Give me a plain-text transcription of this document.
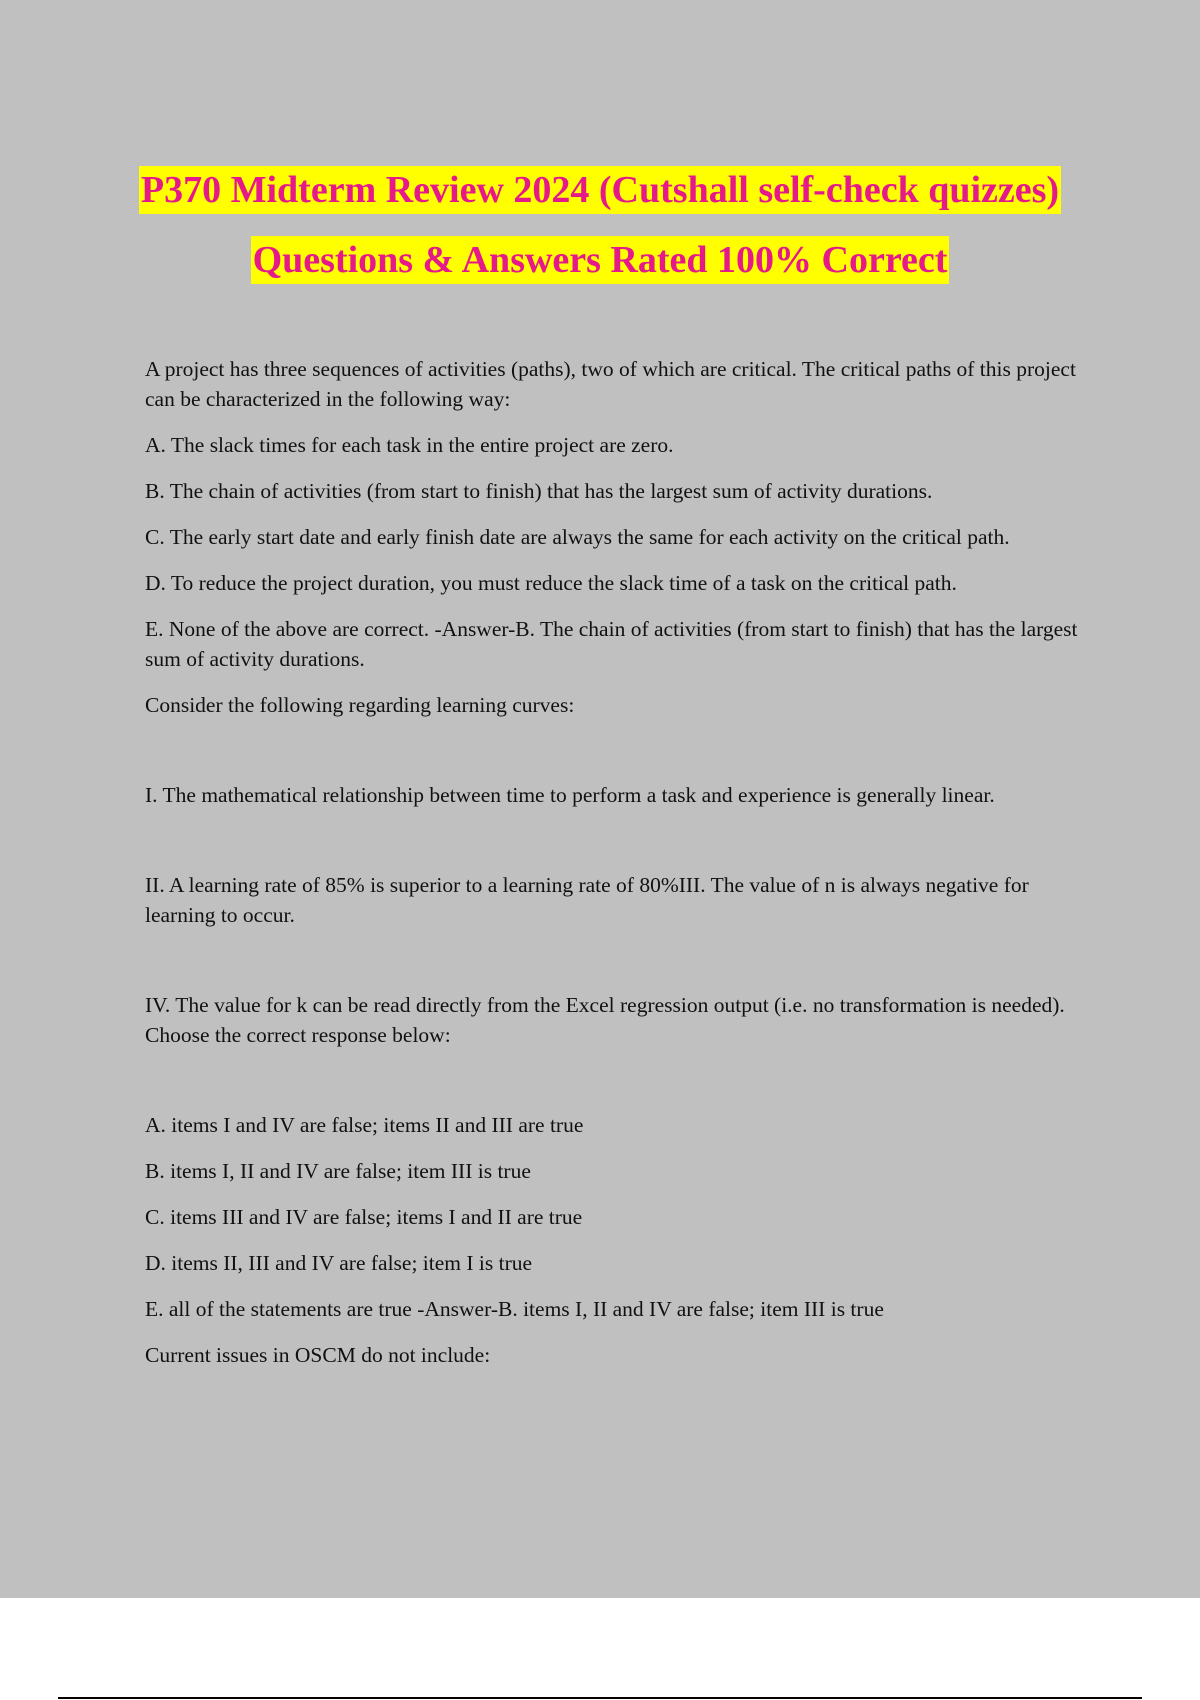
P370 Midterm Review 2024 (Cutshall self-check quizzes)
Questions & Answers Rated 100% Correct

A project has three sequences of activities (paths), two of which are critical. The critical paths of this project can be characterized in the following way:

A. The slack times for each task in the entire project are zero.

B. The chain of activities (from start to finish) that has the largest sum of activity durations.

C. The early start date and early finish date are always the same for each activity on the critical path.

D. To reduce the project duration, you must reduce the slack time of a task on the critical path.

E. None of the above are correct. -Answer-B. The chain of activities (from start to finish) that has the largest sum of activity durations.

Consider the following regarding learning curves:

I. The mathematical relationship between time to perform a task and experience is generally linear.

II. A learning rate of 85% is superior to a learning rate of 80%III. The value of n is always negative for learning to occur.

IV. The value for k can be read directly from the Excel regression output (i.e. no transformation is needed). Choose the correct response below:

A. items I and IV are false; items II and III are true

B. items I, II and IV are false; item III is true

C. items III and IV are false; items I and II are true

D. items II, III and IV are false; item I is true

E. all of the statements are true -Answer-B. items I, II and IV are false; item III is true

Current issues in OSCM do not include:
